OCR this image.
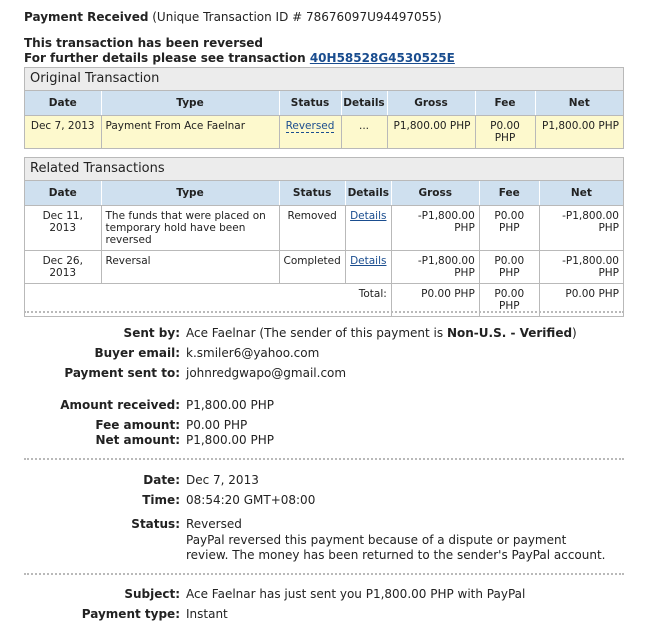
Payment Received (Unique Transaction ID # 78676097U94497055)
This transaction has been reversed
For further details please see transaction 40H58528G4530525E
Original Transaction
Date	Type	Status	Details	Gross	Fee	Net
Dec 7, 2013	Payment From Ace Faelnar	Reversed	...	P1,800.00 PHP	P0.00 PHP	P1,800.00 PHP
Related Transactions
Date	Type	Status	Details	Gross	Fee	Net
Dec 11, 2013	The funds that were placed on temporary hold have been reversed	Removed	Details	-P1,800.00 PHP	P0.00 PHP	-P1,800.00 PHP
Dec 26, 2013	Reversal	Completed	Details	-P1,800.00 PHP	P0.00 PHP	-P1,800.00 PHP
Total:				P0.00 PHP	P0.00 PHP	P0.00 PHP
Sent by: Ace Faelnar (The sender of this payment is Non-U.S. - Verified)
Buyer email: k.smiler6@yahoo.com
Payment sent to: johnredgwapo@gmail.com
Amount received: P1,800.00 PHP
Fee amount: P0.00 PHP
Net amount: P1,800.00 PHP
Date: Dec 7, 2013
Time: 08:54:20 GMT+08:00
Status: Reversed
PayPal reversed this payment because of a dispute or payment review. The money has been returned to the sender's PayPal account.
Subject: Ace Faelnar has just sent you P1,800.00 PHP with PayPal
Payment type: Instant
